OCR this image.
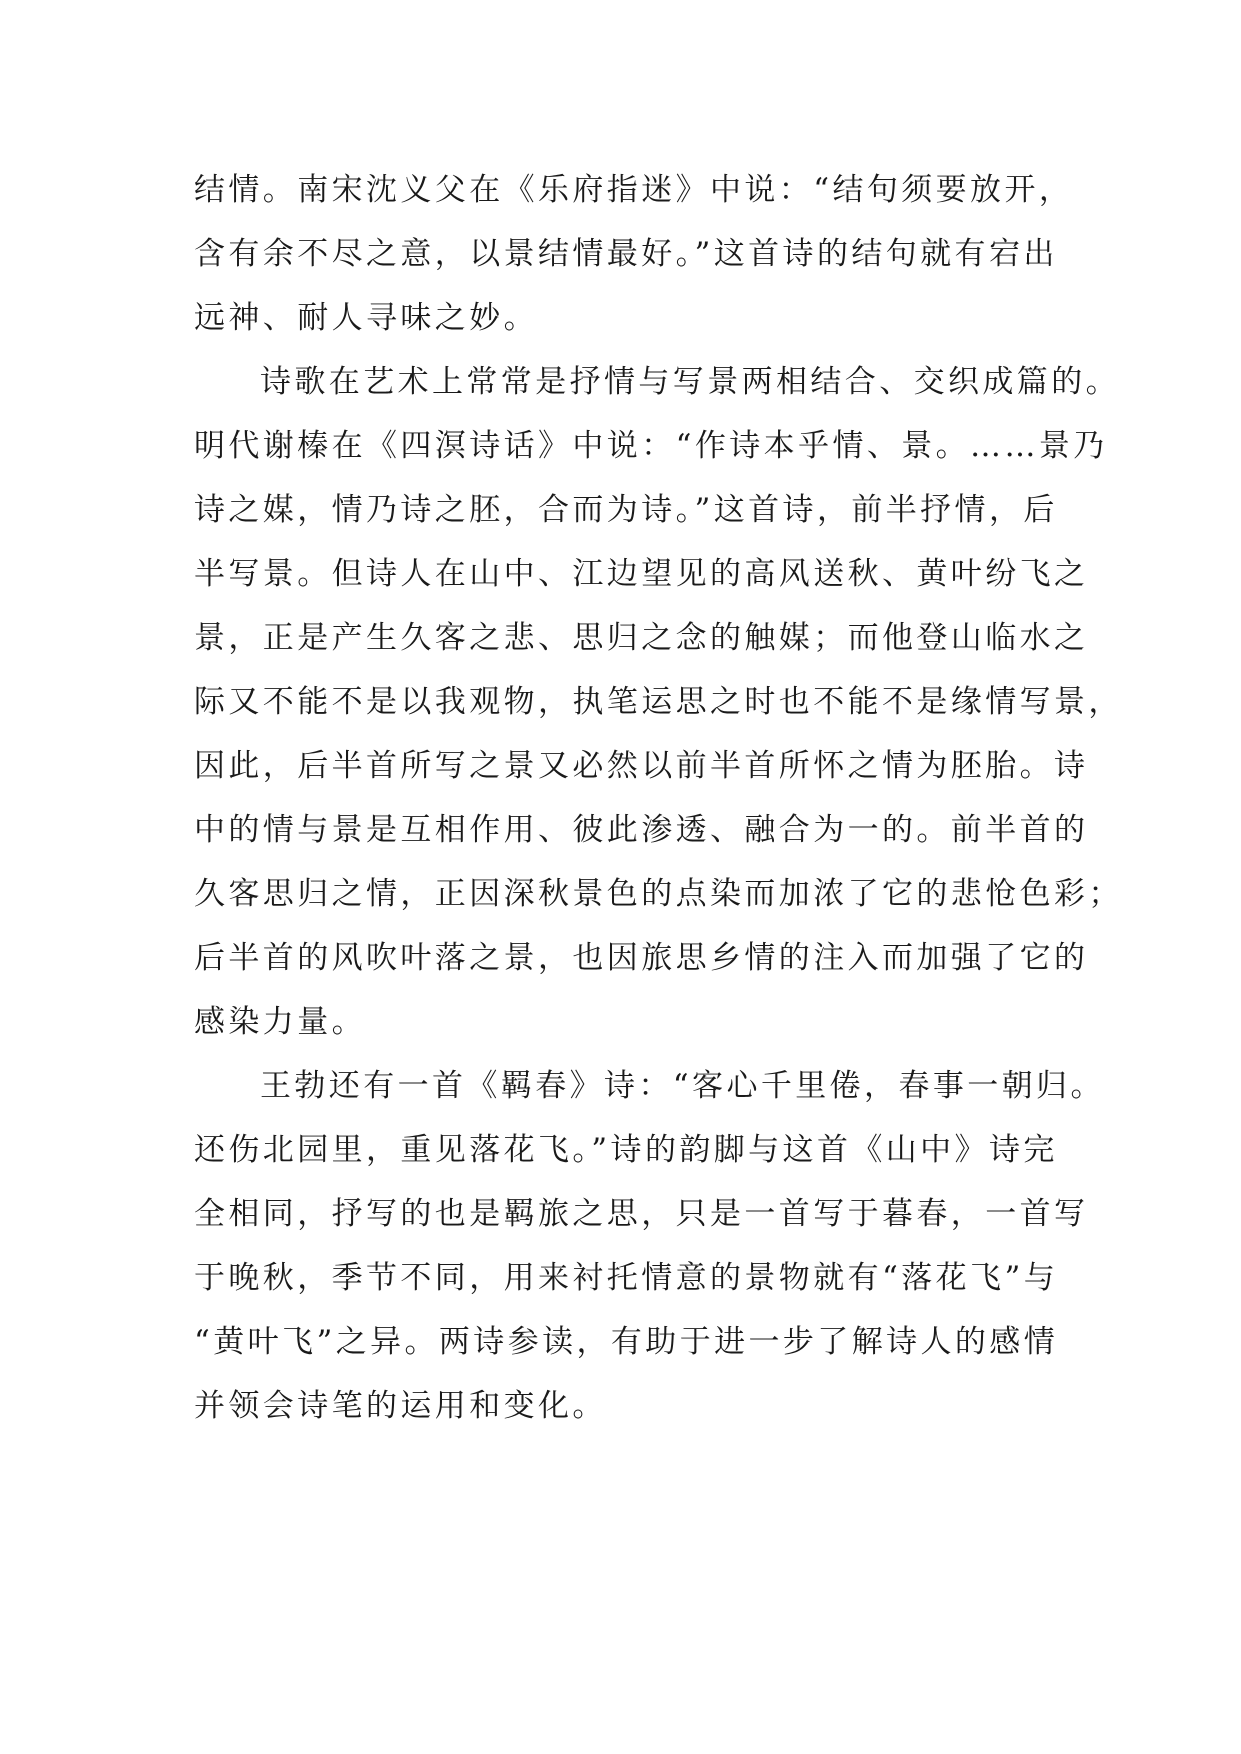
结情。南宋沈义父在《乐府指迷》中说：“结句须要放开，
含有余不尽之意，以景结情最好。”这首诗的结句就有宕出
远神、耐人寻味之妙。
诗歌在艺术上常常是抒情与写景两相结合、交织成篇的。
明代谢榛在《四溟诗话》中说：“作诗本乎情、景。……景乃
诗之媒，情乃诗之胚，合而为诗。”这首诗，前半抒情，后
半写景。但诗人在山中、江边望见的高风送秋、黄叶纷飞之
景，正是产生久客之悲、思归之念的触媒；而他登山临水之
际又不能不是以我观物，执笔运思之时也不能不是缘情写景，
因此，后半首所写之景又必然以前半首所怀之情为胚胎。诗
中的情与景是互相作用、彼此渗透、融合为一的。前半首的
久客思归之情，正因深秋景色的点染而加浓了它的悲怆色彩；
后半首的风吹叶落之景，也因旅思乡情的注入而加强了它的
感染力量。
王勃还有一首《羁春》诗：“客心千里倦，春事一朝归。
还伤北园里，重见落花飞。”诗的韵脚与这首《山中》诗完
全相同，抒写的也是羁旅之思，只是一首写于暮春，一首写
于晚秋，季节不同，用来衬托情意的景物就有“落花飞”与
“黄叶飞”之异。两诗参读，有助于进一步了解诗人的感情
并领会诗笔的运用和变化。
